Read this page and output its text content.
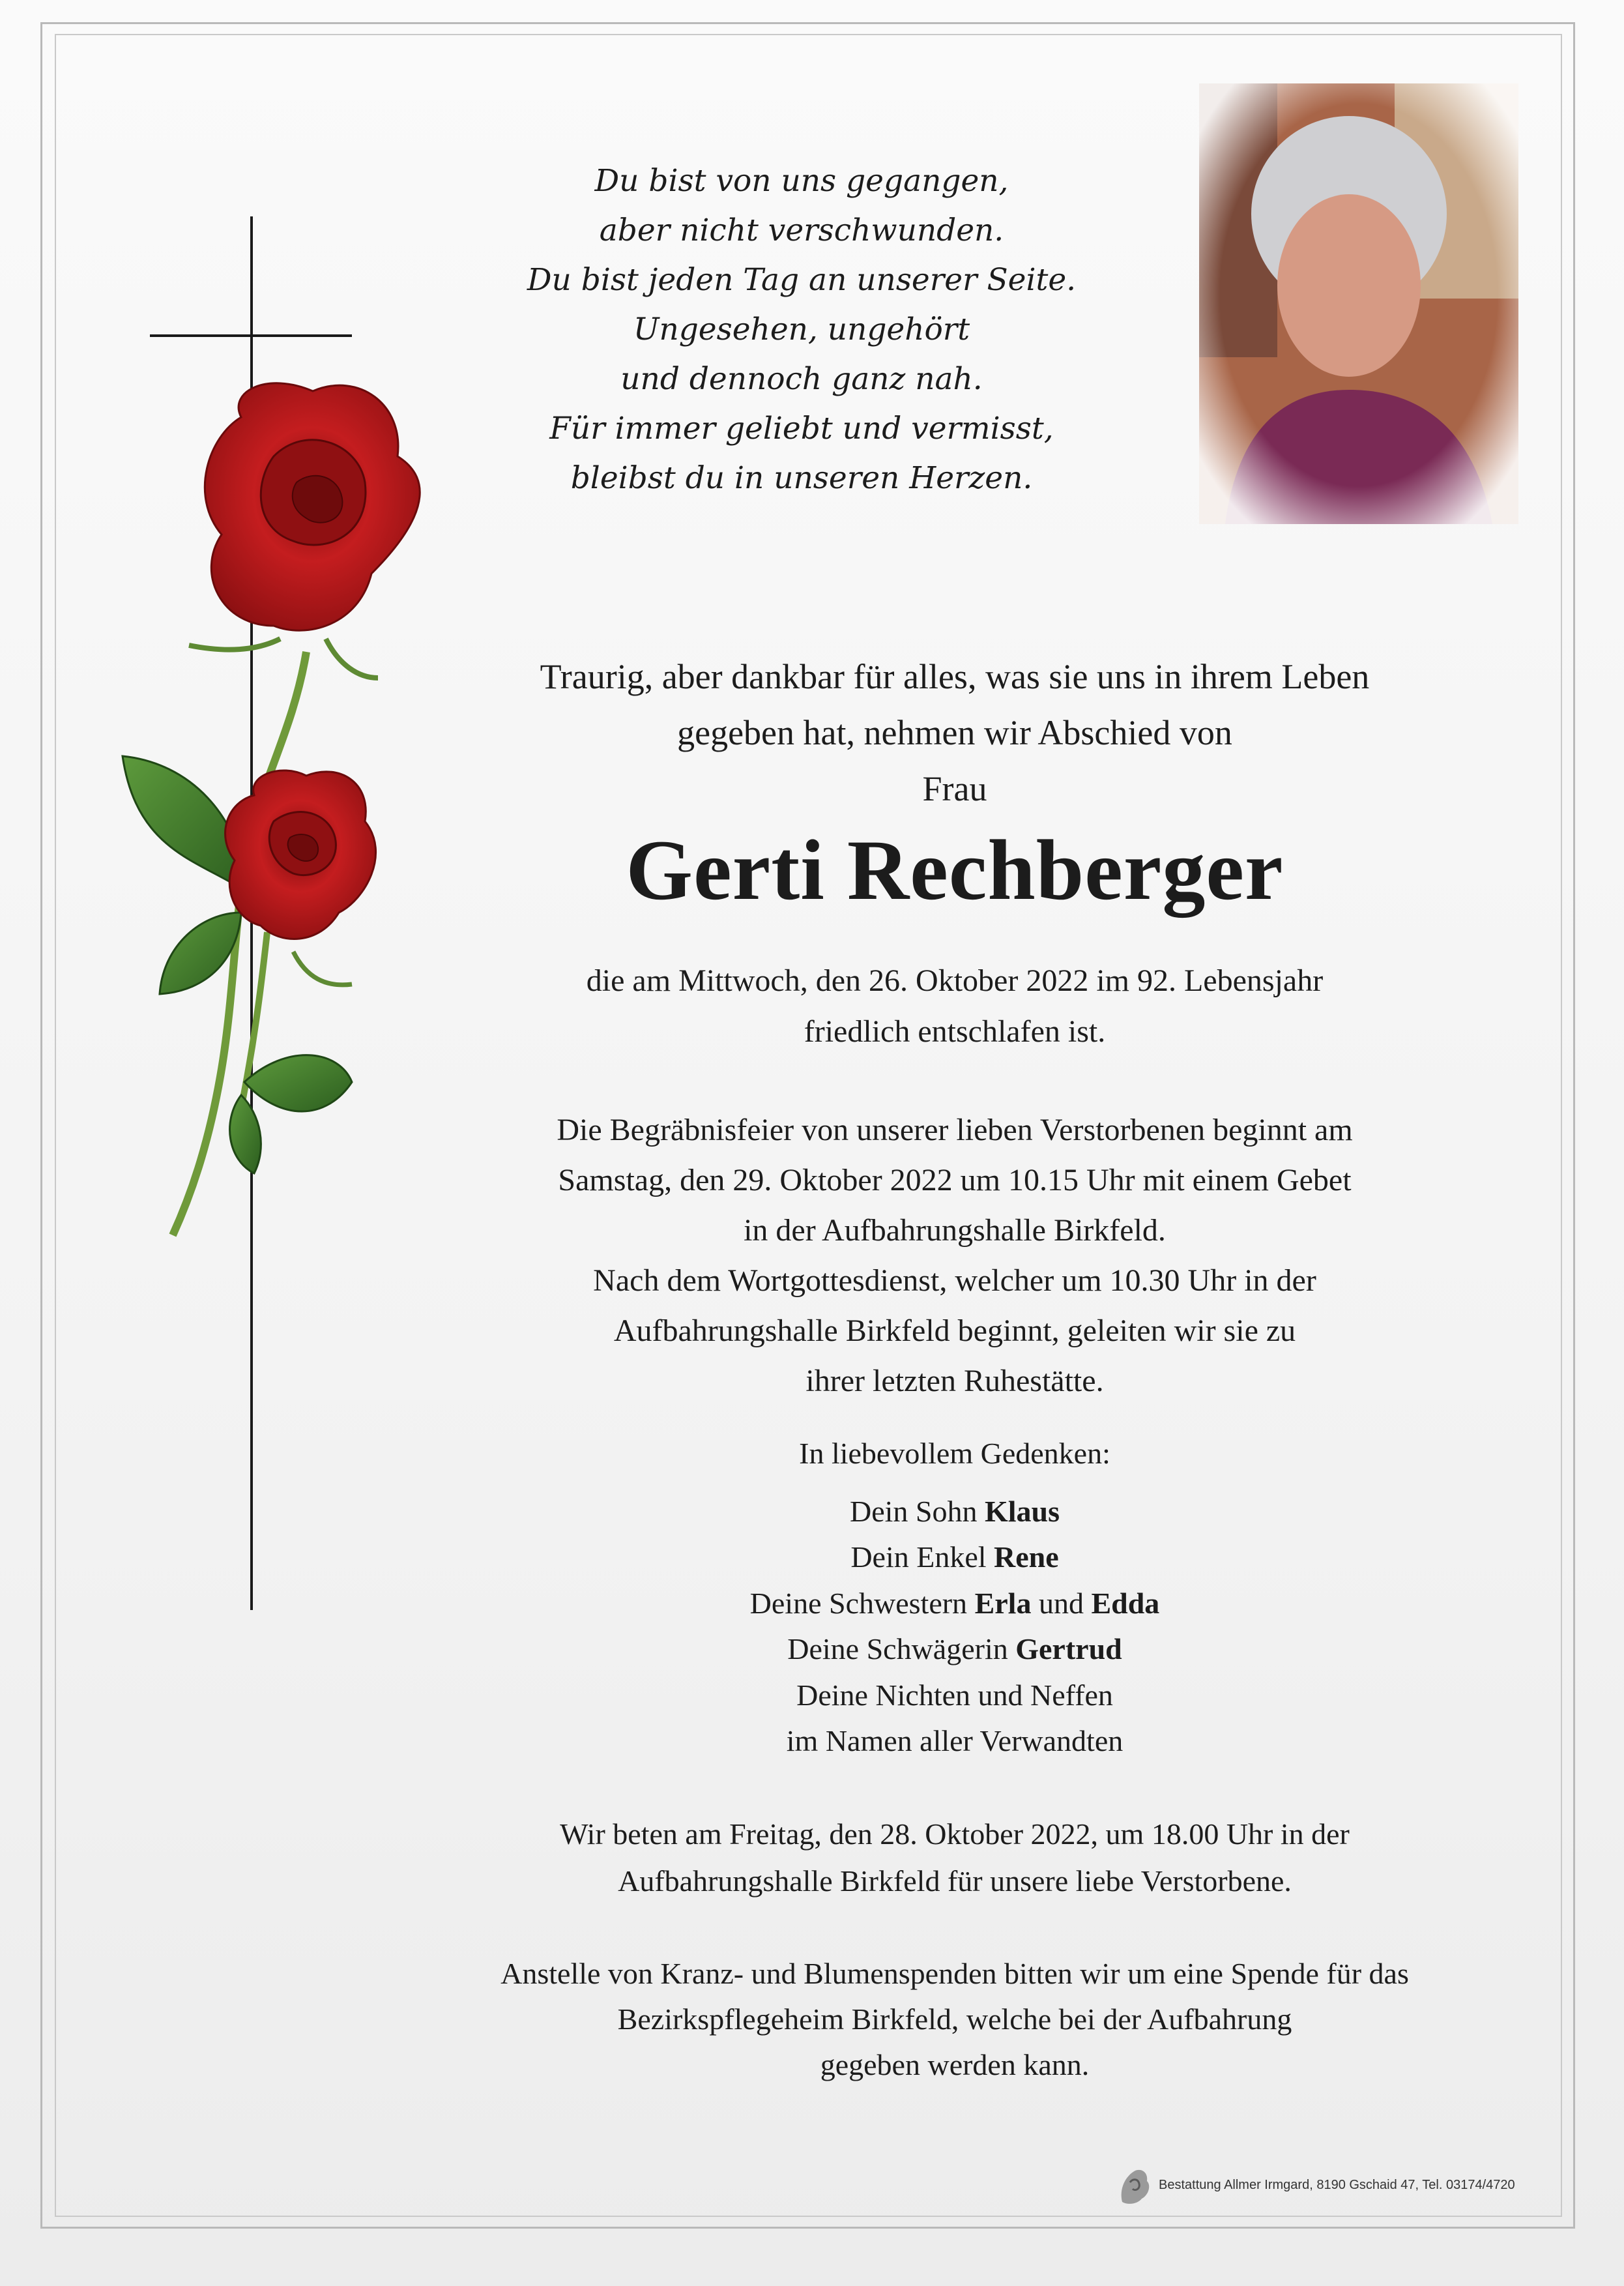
Du bist von uns gegangen,
aber nicht verschwunden.
Du bist jeden Tag an unserer Seite.
Ungesehen, ungehört
und dennoch ganz nah.
Für immer geliebt und vermisst,
bleibst du in unseren Herzen.
Traurig, aber dankbar für alles, was sie uns in ihrem Leben
gegeben hat, nehmen wir Abschied von
Frau
Gerti Rechberger
die am Mittwoch, den 26. Oktober 2022 im 92. Lebensjahr
friedlich entschlafen ist.
Die Begräbnisfeier von unserer lieben Verstorbenen beginnt am
Samstag, den 29. Oktober 2022 um 10.15 Uhr mit einem Gebet
in der Aufbahrungshalle Birkfeld.
Nach dem Wortgottesdienst, welcher um 10.30 Uhr in der
Aufbahrungshalle Birkfeld beginnt, geleiten wir sie zu
ihrer letzten Ruhestätte.
In liebevollem Gedenken:
Dein Sohn Klaus
Dein Enkel Rene
Deine Schwestern Erla und Edda
Deine Schwägerin Gertrud
Deine Nichten und Neffen
im Namen aller Verwandten
Wir beten am Freitag, den 28. Oktober 2022, um 18.00 Uhr in der
Aufbahrungshalle Birkfeld für unsere liebe Verstorbene.
Anstelle von Kranz- und Blumenspenden bitten wir um eine Spende für das
Bezirkspflegeheim Birkfeld, welche bei der Aufbahrung
gegeben werden kann.
Bestattung Allmer Irmgard, 8190 Gschaid 47, Tel. 03174/4720
